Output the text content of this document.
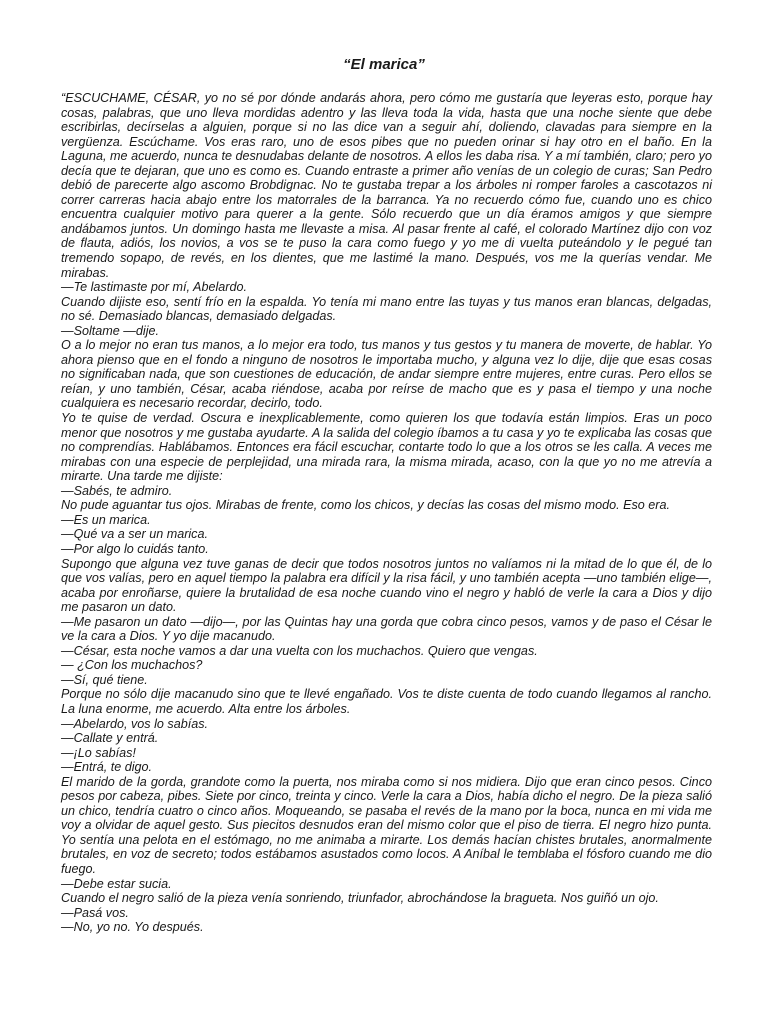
“El marica”

“ESCUCHAME, CÉSAR, yo no sé por dónde andarás ahora, pero cómo me gustaría que leyeras esto, porque hay cosas, palabras, que uno lleva mordidas adentro y las lleva toda la vida, hasta que una noche siente que debe escribirlas, decírselas a alguien, porque si no las dice van a seguir ahí, doliendo, clavadas para siempre en la vergüenza. Escúchame. Vos eras raro, uno de esos pibes que no pueden orinar si hay otro en el baño. En la Laguna, me acuerdo, nunca te desnudabas delante de nosotros. A ellos les daba risa. Y a mí también, claro; pero yo decía que te dejaran, que uno es como es. Cuando entraste a primer año venías de un colegio de curas; San Pedro debió de parecerte algo ascomo Brobdignac. No te gustaba trepar a los árboles ni romper faroles a cascotazos ni correr carreras hacia abajo entre los matorrales de la barranca. Ya no recuerdo cómo fue, cuando uno es chico encuentra cualquier motivo para querer a la gente. Sólo recuerdo que un día éramos amigos y que siempre andábamos juntos. Un domingo hasta me llevaste a misa. Al pasar frente al café, el colorado Martínez dijo con voz de flauta, adiós, los novios, a vos se te puso la cara como fuego y yo me di vuelta puteándolo y le pegué tan tremendo sopapo, de revés, en los dientes, que me lastimé la mano. Después, vos me la querías vendar. Me mirabas.

—Te lastimaste por mí, Abelardo.

Cuando dijiste eso, sentí frío en la espalda. Yo tenía mi mano entre las tuyas y tus manos eran blancas, delgadas, no sé. Demasiado blancas, demasiado delgadas.

—Soltame —dije.

O a lo mejor no eran tus manos, a lo mejor era todo, tus manos y tus gestos y tu manera de moverte, de hablar. Yo ahora pienso que en el fondo a ninguno de nosotros le importaba mucho, y alguna vez lo dije, dije que esas cosas no significaban nada, que son cuestiones de educación, de andar siempre entre mujeres, entre curas. Pero ellos se reían, y uno también, César, acaba riéndose, acaba por reírse de macho que es y pasa el tiempo y una noche cualquiera es necesario recordar, decirlo, todo.

Yo te quise de verdad. Oscura e inexplicablemente, como quieren los que todavía están limpios. Eras un poco menor que nosotros y me gustaba ayudarte. A la salida del colegio íbamos a tu casa y yo te explicaba las cosas que no comprendías. Hablábamos. Entonces era fácil escuchar, contarte todo lo que a los otros se les calla. A veces me mirabas con una especie de perplejidad, una mirada rara, la misma mirada, acaso, con la que yo no me atrevía a mirarte. Una tarde me dijiste:

—Sabés, te admiro.

No pude aguantar tus ojos. Mirabas de frente, como los chicos, y decías las cosas del mismo modo. Eso era.

—Es un marica.

—Qué va a ser un marica.

—Por algo lo cuidás tanto.

Supongo que alguna vez tuve ganas de decir que todos nosotros juntos no valíamos ni la mitad de lo que él, de lo que vos valías, pero en aquel tiempo la palabra era difícil y la risa fácil, y uno también acepta —uno también elige—, acaba por enroñarse, quiere la brutalidad de esa noche cuando vino el negro y habló de verle la cara a Dios y dijo me pasaron un dato.

—Me pasaron un dato —dijo—, por las Quintas hay una gorda que cobra cinco pesos, vamos y de paso el César le ve la cara a Dios. Y yo dije macanudo.

—César, esta noche vamos a dar una vuelta con los muchachos. Quiero que vengas.

— ¿Con los muchachos?

—Sí, qué tiene.

Porque no sólo dije macanudo sino que te llevé engañado. Vos te diste cuenta de todo cuando llegamos al rancho. La luna enorme, me acuerdo. Alta entre los árboles.

—Abelardo, vos lo sabías.

—Callate y entrá.

—¡Lo sabías!

—Entrá, te digo.

El marido de la gorda, grandote como la puerta, nos miraba como si nos midiera. Dijo que eran cinco pesos. Cinco pesos por cabeza, pibes. Siete por cinco, treinta y cinco. Verle la cara a Dios, había dicho el negro. De la pieza salió un chico, tendría cuatro o cinco años. Moqueando, se pasaba el revés de la mano por la boca, nunca en mi vida me voy a olvidar de aquel gesto. Sus piecitos desnudos eran del mismo color que el piso de tierra. El negro hizo punta. Yo sentía una pelota en el estómago, no me animaba a mirarte. Los demás hacían chistes brutales, anormalmente brutales, en voz de secreto; todos estábamos asustados como locos. A Aníbal le temblaba el fósforo cuando me dio fuego.

—Debe estar sucia.

Cuando el negro salió de la pieza venía sonriendo, triunfador, abrochándose la bragueta. Nos guiñó un ojo.

—Pasá vos.

—No, yo no. Yo después.
